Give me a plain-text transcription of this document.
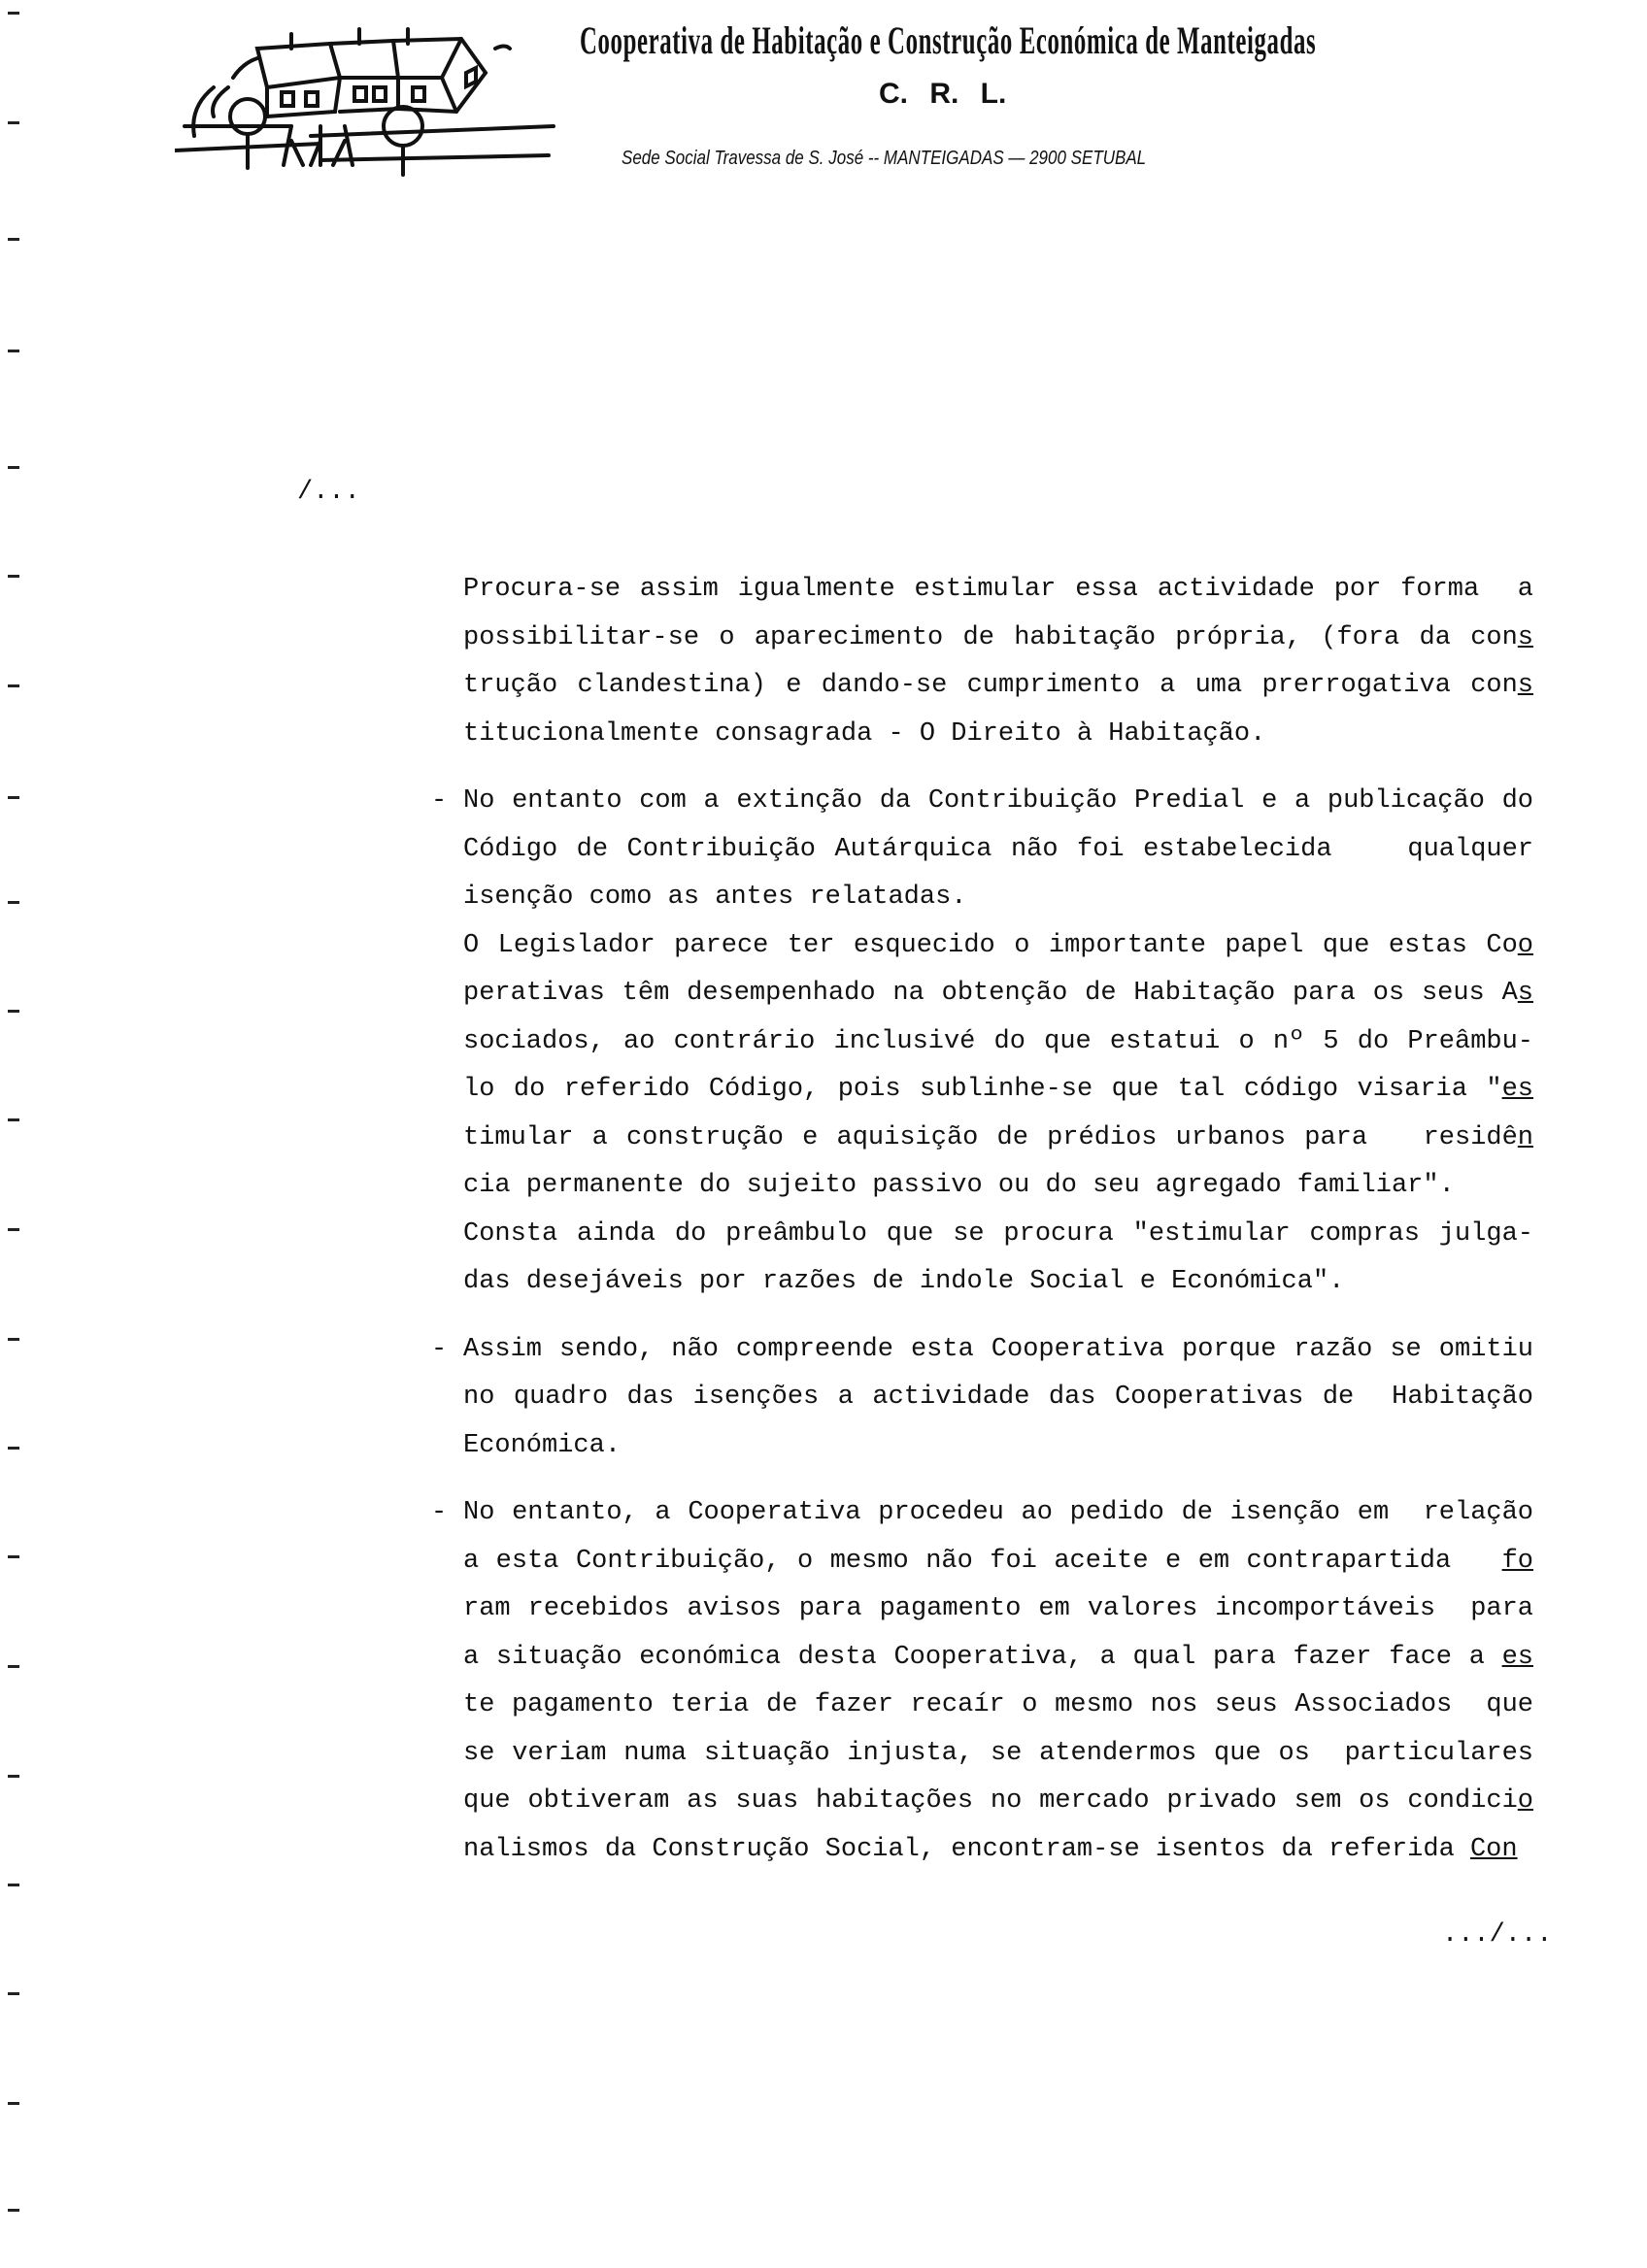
Cooperativa de Habitação e Construção Económica de Manteigadas
C. R. L.
Sede Social Travessa de S. José -- MANTEIGADAS — 2900 SETUBAL
/...
Procura-se assim igualmente estimular essa actividade por forma  a
possibilitar-se o aparecimento de habitação própria, (fora da cons
trução clandestina) e dando-se cumprimento a uma prerrogativa cons
titucionalmente consagrada - O Direito à Habitação.
- No entanto com a extinção da Contribuição Predial e a publicação do
Código de Contribuição Autárquica não foi estabelecida    qualquer
isenção como as antes relatadas.
O Legislador parece ter esquecido o importante papel que estas Coo
perativas têm desempenhado na obtenção de Habitação para os seus As
sociados, ao contrário inclusivé do que estatui o nº 5 do Preâmbu-
lo do referido Código, pois sublinhe-se que tal código visaria "es
timular a construção e aquisição de prédios urbanos para   residên
cia permanente do sujeito passivo ou do seu agregado familiar".
Consta ainda do preâmbulo que se procura "estimular compras julga-
das desejáveis por razões de indole Social e Económica".
- Assim sendo, não compreende esta Cooperativa porque razão se omitiu
no quadro das isenções a actividade das Cooperativas de  Habitação
Económica.
- No entanto, a Cooperativa procedeu ao pedido de isenção em  relação
a esta Contribuição, o mesmo não foi aceite e em contrapartida   fo
ram recebidos avisos para pagamento em valores incomportáveis  para
a situação económica desta Cooperativa, a qual para fazer face a es
te pagamento teria de fazer recaír o mesmo nos seus Associados  que
se veriam numa situação injusta, se atendermos que os  particulares
que obtiveram as suas habitações no mercado privado sem os condicio
nalismos da Construção Social, encontram-se isentos da referida Con
.../...
